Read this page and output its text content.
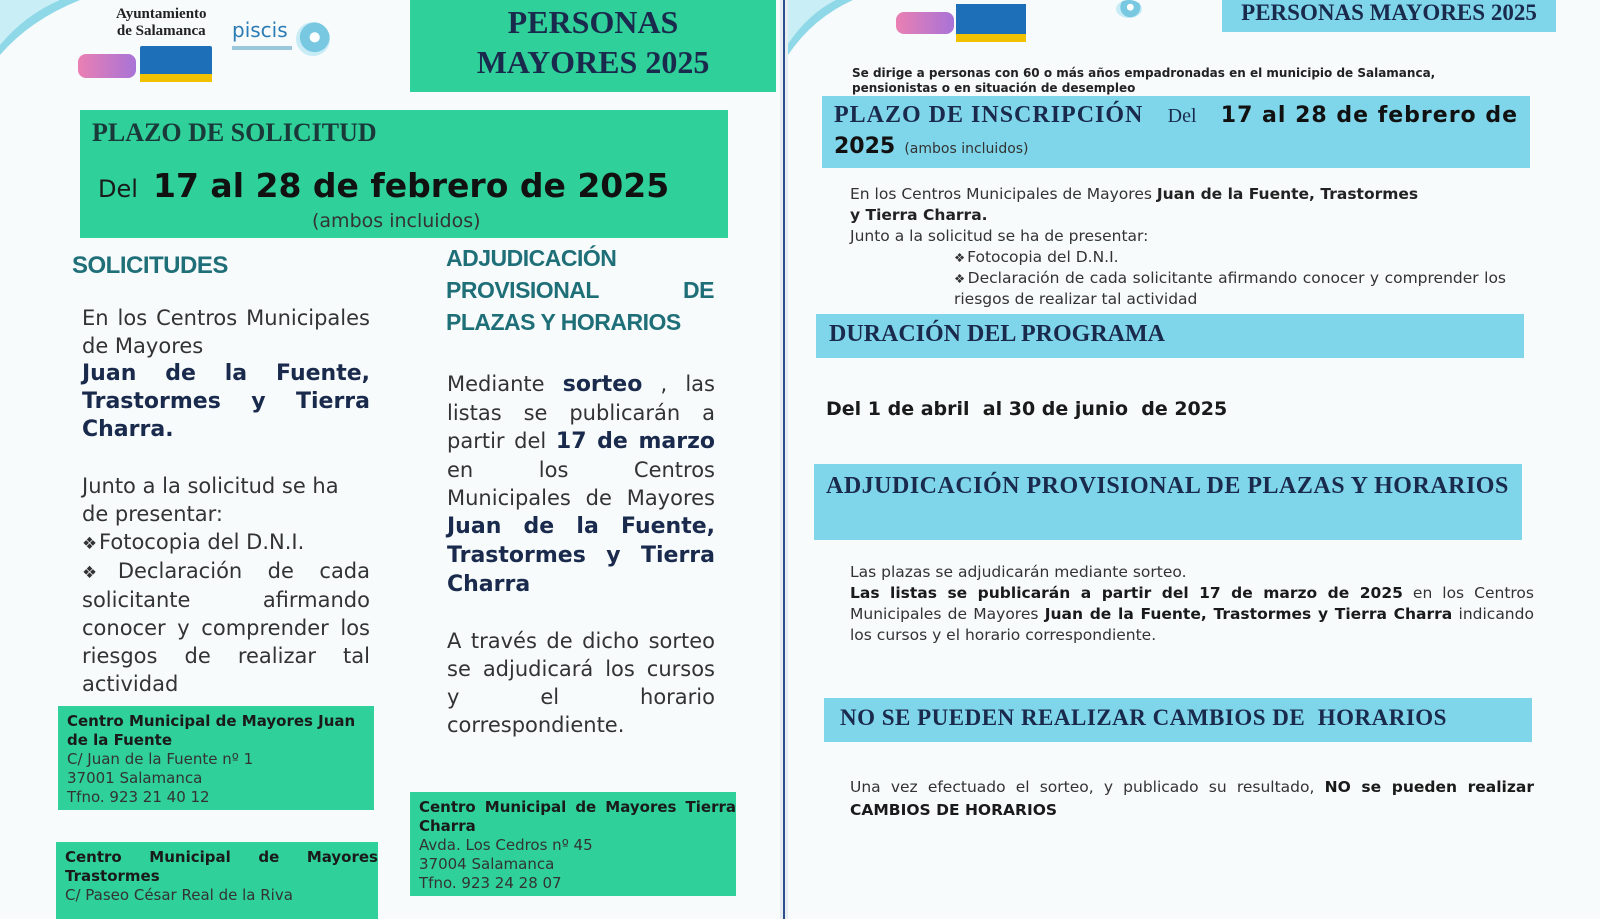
Ayuntamiento
de Salamanca piscis	PERSONAS
MAYORES 2025
PLAZO DE SOLICITUD
Del 17 al 28 de febrero de 2025
(ambos incluidos)
SOLICITUDES

En los Centros Municipales de Mayores

Juan de la Fuente, Trastormes y Tierra Charra.

Junto a la solicitud se ha de presentar:

❖ Fotocopia del D.N.I.

❖ Declaración de cada solicitante afirmando conocer y comprender los riesgos de realizar tal actividad

ADJUDICACIÓN
PROVISIONAL DE
PLAZAS Y HORARIOS

Mediante sorteo , las listas se publicarán a partir del 17 de marzo en los Centros Municipales de Mayores Juan de la Fuente, Trastormes y Tierra Charra

A través de dicho sorteo se adjudicará los cursos y el horario correspondiente.

Centro Municipal de Mayores Juan de la Fuente
C/ Juan de la Fuente nº 1
37001 Salamanca
Tfno. 923 21 40 12
Centro Municipal de Mayores Trastormes
C/ Paseo César Real de la Riva
Centro Municipal de Mayores Tierra Charra
Avda. Los Cedros nº 45
37004 Salamanca
Tfno. 923 24 28 07
PERSONAS MAYORES 2025
Se dirige a personas con 60 o más años empadronadas en el municipio de Salamanca,
pensionistas o en situación de desempleo
PLAZO DE INSCRIPCIÓN Del 17 al 28 de febrero de
2025 (ambos incluidos)

En los Centros Municipales de Mayores Juan de la Fuente, Trastormes

y Tierra Charra.

Junto a la solicitud se ha de presentar:

❖ Fotocopia del D.N.I.

❖ Declaración de cada solicitante afirmando conocer y comprender los riesgos de realizar tal actividad

DURACIÓN DEL PROGRAMA
Del 1 de abril  al 30 de junio  de 2025
ADJUDICACIÓN PROVISIONAL DE PLAZAS Y HORARIOS

Las plazas se adjudicarán mediante sorteo.

Las listas se publicarán a partir del 17 de marzo de 2025 en los Centros Municipales de Mayores Juan de la Fuente, Trastormes y Tierra Charra indicando los cursos y el horario correspondiente.

NO SE PUEDEN REALIZAR CAMBIOS DE  HORARIOS
Una vez efectuado el sorteo, y publicado su resultado, NO se pueden realizar CAMBIOS DE HORARIOS
